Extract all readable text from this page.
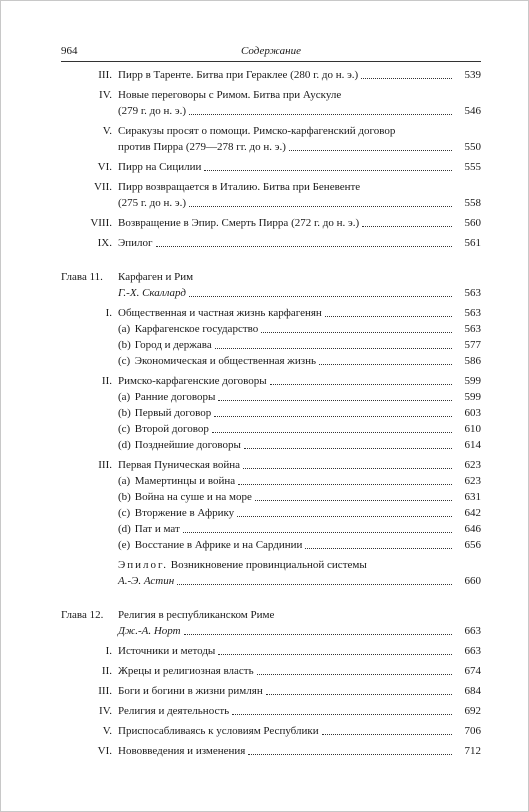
964	Содержание
III. Пирр в Таренте. Битва при Гераклее (280 г. до н. э.)	539
IV. Новые переговоры с Римом. Битва при Аускуле
(279 г. до н. э.)	546
V. Сиракузы просят о помощи. Римско-карфагенский договор
против Пирра (279—278 гг. до н. э.)	550
VI. Пирр на Сицилии	555
VII. Пирр возвращается в Италию. Битва при Беневенте
(275 г. до н. э.)	558
VIII. Возвращение в Эпир. Смерть Пирра (272 г. до н. э.)	560
IX. Эпилог	561
Глава 11.	Карфаген и Рим
Г.-Х. Скаллард	563
I. Общественная и частная жизнь карфагенян	563
(a) Карфагенское государство	563
(b) Город и держава	577
(c) Экономическая и общественная жизнь	586
II. Римско-карфагенские договоры	599
(a) Ранние договоры	599
(b) Первый договор	603
(c) Второй договор	610
(d) Позднейшие договоры	614
III. Первая Пуническая война	623
(a) Мамертинцы и война	623
(b) Война на суше и на море	631
(c) Вторжение в Африку	642
(d) Пат и мат	646
(e) Восстание в Африке и на Сардинии	656
Эпилог. Возникновение провинциальной системы
А.-Э. Астин	660
Глава 12.	Религия в республиканском Риме
Дж.-А. Норт	663
I. Источники и методы	663
II. Жрецы и религиозная власть	674
III. Боги и богини в жизни римлян	684
IV. Религия и деятельность	692
V. Приспосабливаясь к условиям Республики	706
VI. Нововведения и изменения	712
